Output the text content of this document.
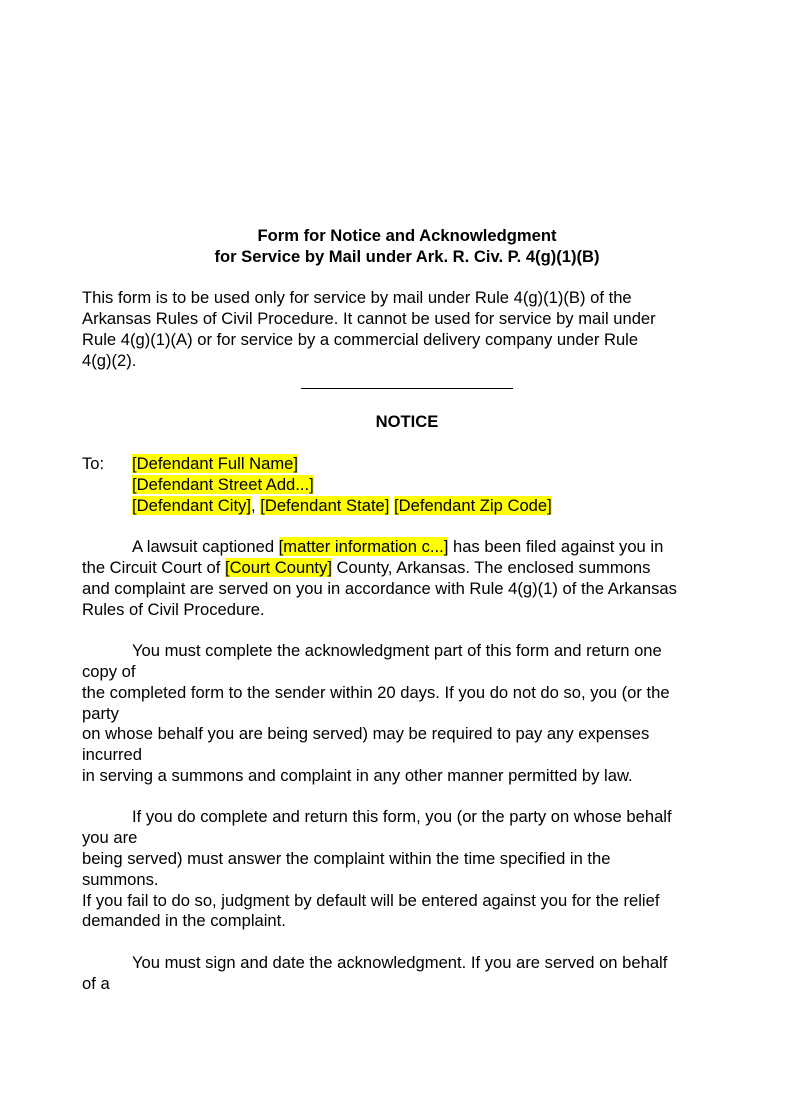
Form for Notice and Acknowledgment
for Service by Mail under Ark. R. Civ. P. 4(g)(1)(B)
This form is to be used only for service by mail under Rule 4(g)(1)(B) of the
Arkansas Rules of Civil Procedure. It cannot be used for service by mail under
Rule 4(g)(1)(A) or for service by a commercial delivery company under Rule
4(g)(2).
NOTICE
To: [Defendant Full Name]
[Defendant Street Add...]
[Defendant City], [Defendant State] [Defendant Zip Code]
A lawsuit captioned [matter information c...] has been filed against you in
the Circuit Court of [Court County] County, Arkansas. The enclosed summons
and complaint are served on you in accordance with Rule 4(g)(1) of the Arkansas
Rules of Civil Procedure.
You must complete the acknowledgment part of this form and return one
copy of
the completed form to the sender within 20 days. If you do not do so, you (or the
party
on whose behalf you are being served) may be required to pay any expenses
incurred
in serving a summons and complaint in any other manner permitted by law.
If you do complete and return this form, you (or the party on whose behalf
you are
being served) must answer the complaint within the time specified in the
summons.
If you fail to do so, judgment by default will be entered against you for the relief
demanded in the complaint.
You must sign and date the acknowledgment. If you are served on behalf
of a
